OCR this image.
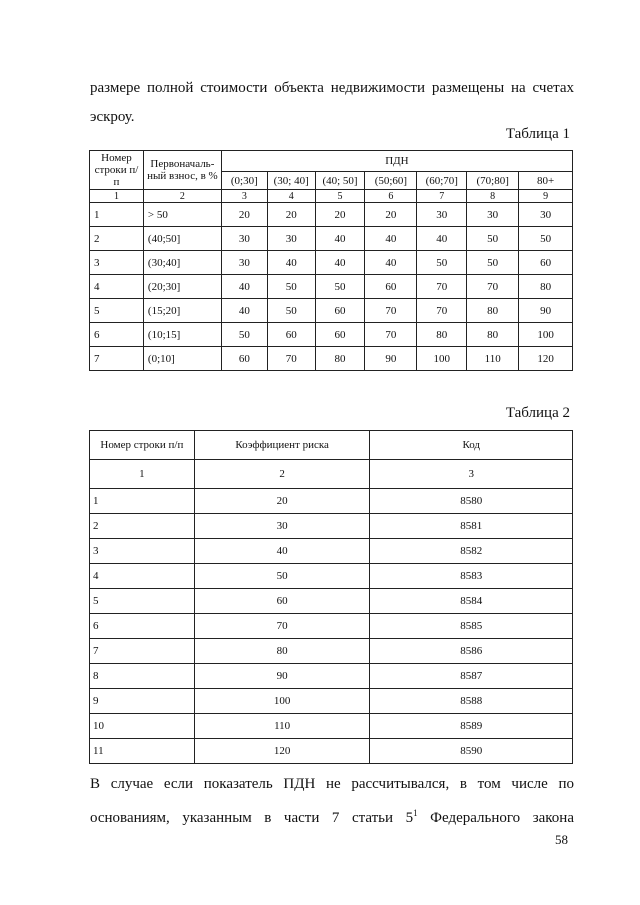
размере полной стоимости объекта недвижимости размещены на счетах
эскроу.

Таблица 1

Номер строки п/п	Первоначаль-ный взнос, в %	ПДН						
		(0;30]	(30; 40]	(40; 50]	(50;60]	(60;70]	(70;80]	80+
1	2	3	4	5	6	7	8	9
1	> 50	20	20	20	20	30	30	30
2	(40;50]	30	30	40	40	40	50	50
3	(30;40]	30	40	40	40	50	50	60
4	(20;30]	40	50	50	60	70	70	80
5	(15;20]	40	50	60	70	70	80	90
6	(10;15]	50	60	60	70	80	80	100
7	(0;10]	60	70	80	90	100	110	120

Таблица 2

Номер строки п/п	Коэффициент риска	Код
1	2	3
1	20	8580
2	30	8581
3	40	8582
4	50	8583
5	60	8584
6	70	8585
7	80	8586
8	90	8587
9	100	8588
10	110	8589
11	120	8590

В случае если показатель ПДН не рассчитывался, в том числе по
основаниям, указанным в части 7 статьи $5^1$ Федерального закона

58
